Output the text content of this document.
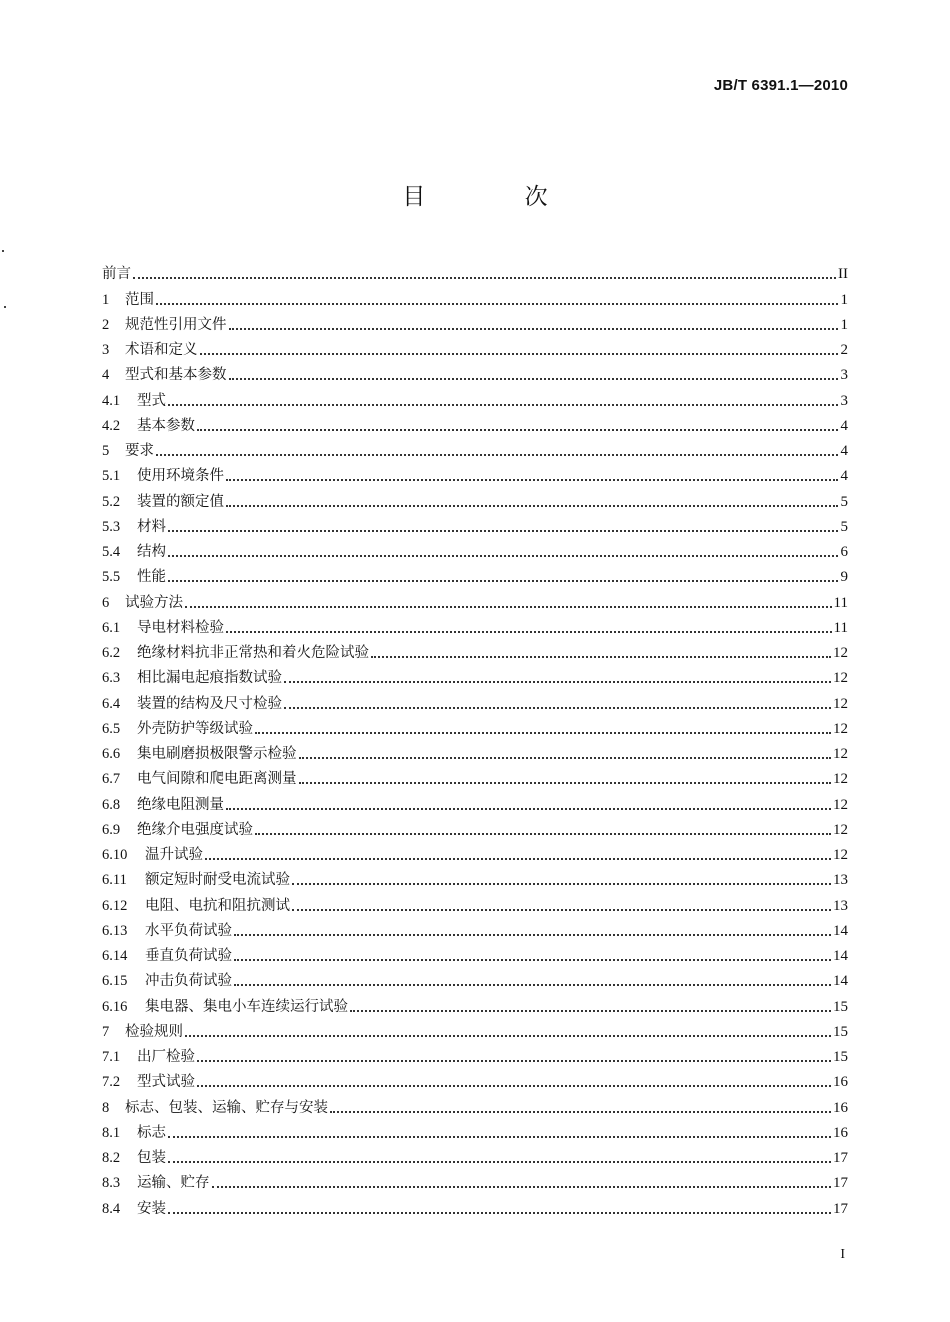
JB/T 6391.1—2010
目 次
前言	II
1	范围	1
2	规范性引用文件	1
3	术语和定义	2
4	型式和基本参数	3
4.1	型式	3
4.2	基本参数	4
5	要求	4
5.1	使用环境条件	4
5.2	装置的额定值	5
5.3	材料	5
5.4	结构	6
5.5	性能	9
6	试验方法	11
6.1	导电材料检验	11
6.2	绝缘材料抗非正常热和着火危险试验	12
6.3	相比漏电起痕指数试验	12
6.4	装置的结构及尺寸检验	12
6.5	外壳防护等级试验	12
6.6	集电刷磨损极限警示检验	12
6.7	电气间隙和爬电距离测量	12
6.8	绝缘电阻测量	12
6.9	绝缘介电强度试验	12
6.10	温升试验	12
6.11	额定短时耐受电流试验	13
6.12	电阻、电抗和阻抗测试	13
6.13	水平负荷试验	14
6.14	垂直负荷试验	14
6.15	冲击负荷试验	14
6.16	集电器、集电小车连续运行试验	15
7	检验规则	15
7.1	出厂检验	15
7.2	型式试验	16
8	标志、包装、运输、贮存与安装	16
8.1	标志	16
8.2	包装	17
8.3	运输、贮存	17
8.4	安装	17
I
